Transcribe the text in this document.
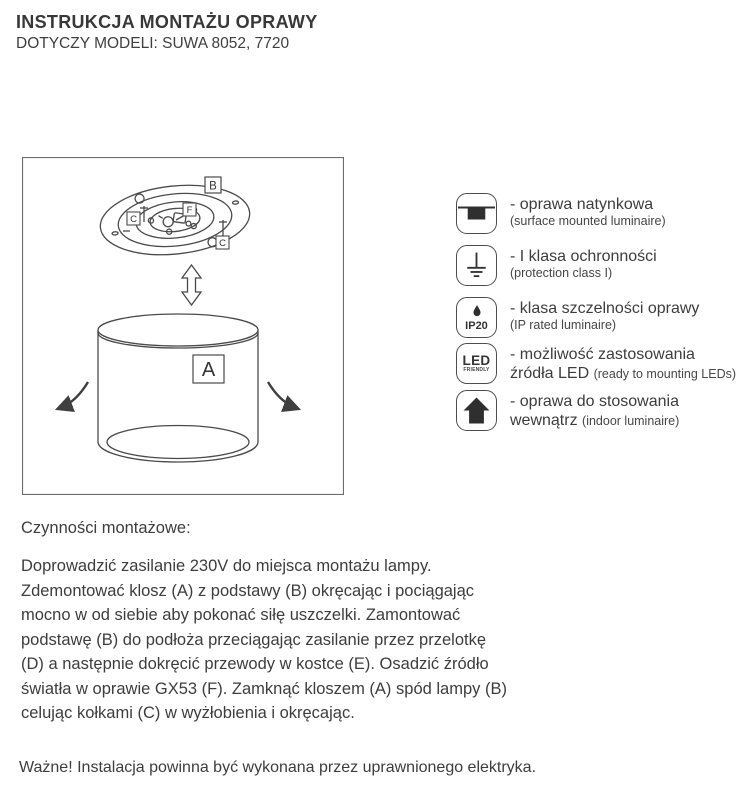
INSTRUKCJA MONTAŻU OPRAWY
DOTYCZY MODELI: SUWA 8052, 7720
B
F
C
C
A
- oprawa natynkowa
(surface mounted luminaire)
- I klasa ochronności
(protection class I)
IP20
- klasa szczelności oprawy
(IP rated luminaire)
LED
FRIENDLY
- możliwość zastosowania
źródła LED (ready to mounting LEDs)
- oprawa do stosowania
wewnątrz (indoor luminaire)
Czynności montażowe:
Doprowadzić zasilanie 230V do miejsca montażu lampy.
Zdemontować klosz (A) z podstawy (B) okręcając i pociągając
mocno w od siebie aby pokonać siłę uszczelki. Zamontować
podstawę (B) do podłoża przeciągając zasilanie przez przelotkę
(D) a następnie dokręcić przewody w kostce (E). Osadzić źródło
światła w oprawie GX53 (F). Zamknąć kloszem (A) spód lampy (B)
celując kołkami (C) w wyżłobienia i okręcając.
Ważne! Instalacja powinna być wykonana przez uprawnionego elektryka.
